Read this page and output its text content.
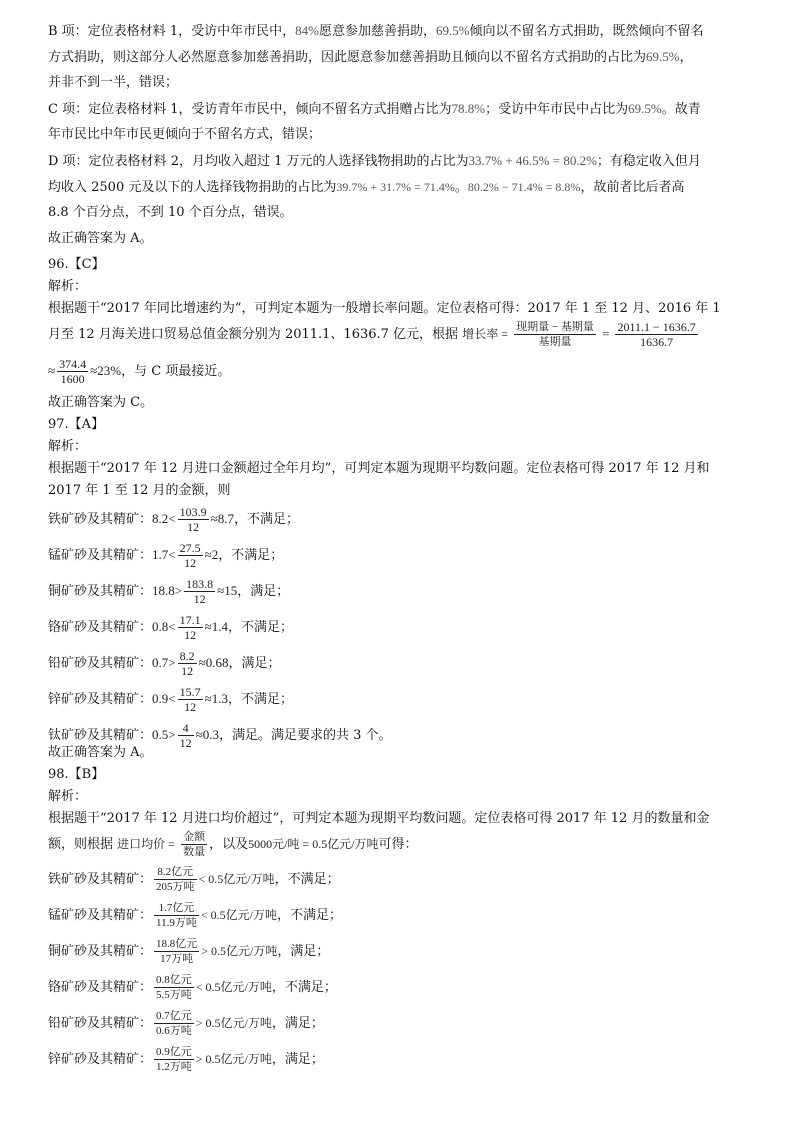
B 项：定位表格材料 1，受访中年市民中，84%愿意参加慈善捐助，69.5%倾向以不留名方式捐助，既然倾向不留名
方式捐助，则这部分人必然愿意参加慈善捐助，因此愿意参加慈善捐助且倾向以不留名方式捐助的占比为69.5%，
并非不到一半，错误；
C 项：定位表格材料 1，受访青年市民中，倾向不留名方式捐赠占比为78.8%；受访中年市民中占比为69.5%。故青
年市民比中年市民更倾向于不留名方式，错误；
D 项：定位表格材料 2，月均收入超过 1 万元的人选择钱物捐助的占比为33.7% + 46.5% = 80.2%；有稳定收入但月
均收入 2500 元及以下的人选择钱物捐助的占比为39.7% + 31.7% = 71.4%。80.2% − 71.4% = 8.8%，故前者比后者高
8.8 个百分点，不到 10 个百分点，错误。
故正确答案为 A。
96.【C】
解析：
根据题干“2017 年同比增速约为”，可判定本题为一般增长率问题。定位表格可得：2017 年 1 至 12 月、2016 年 1
月至 12 月海关进口贸易总值金额分别为 2011.1、1636.7 亿元，根据 增长率 = $\frac{\text{现期量 − 基期量}}{\text{基期量}} = \frac{2011.1 - 1636.7}{1636.7}$
≈ $\frac{374.4}{1600} \approx 23\%$，与 C 项最接近。
故正确答案为 C。
97.【A】
解析：
根据题干“2017 年 12 月进口金额超过全年月均”，可判定本题为现期平均数问题。定位表格可得 2017 年 12 月和
2017 年 1 至 12 月的金额，则
铁矿砂及其精矿：$8.2< \frac{103.9}{12} \approx 8.7$，不满足；
锰矿砂及其精矿：$1.7< \frac{27.5}{12} \approx 2$，不满足；
铜矿砂及其精矿：$18.8> \frac{183.8}{12} \approx 15$，满足；
铬矿砂及其精矿：$0.8< \frac{17.1}{12} \approx 1.4$，不满足；
铅矿砂及其精矿：$0.7> \frac{8.2}{12} \approx 0.68$，满足；
锌矿砂及其精矿：$0.9< \frac{15.7}{12} \approx 1.3$，不满足；
钛矿砂及其精矿：$0.5> \frac{4}{12} \approx 0.3$，满足。满足要求的共 3 个。
故正确答案为 A。
98.【B】
解析：
根据题干“2017 年 12 月进口均价超过”，可判定本题为现期平均数问题。定位表格可得 2017 年 12 月的数量和金
额，则根据 进口均价 = $\frac{\text{金额}}{\text{数量}}$ ，以及5000元/吨 = 0.5亿元/万吨可得：
铁矿砂及其精矿： $\frac{\text{8.2亿元}}{\text{205万吨}} < 0.5$亿元/万吨，不满足；
锰矿砂及其精矿： $\frac{\text{1.7亿元}}{\text{11.9万吨}} < 0.5$亿元/万吨，不满足；
铜矿砂及其精矿： $\frac{\text{18.8亿元}}{\text{17万吨}} > 0.5$亿元/万吨，满足；
铬矿砂及其精矿： $\frac{\text{0.8亿元}}{\text{5.5万吨}} < 0.5$亿元/万吨，不满足；
铅矿砂及其精矿： $\frac{\text{0.7亿元}}{\text{0.6万吨}} > 0.5$亿元/万吨，满足；
锌矿砂及其精矿： $\frac{\text{0.9亿元}}{\text{1.2万吨}} > 0.5$亿元/万吨，满足；
